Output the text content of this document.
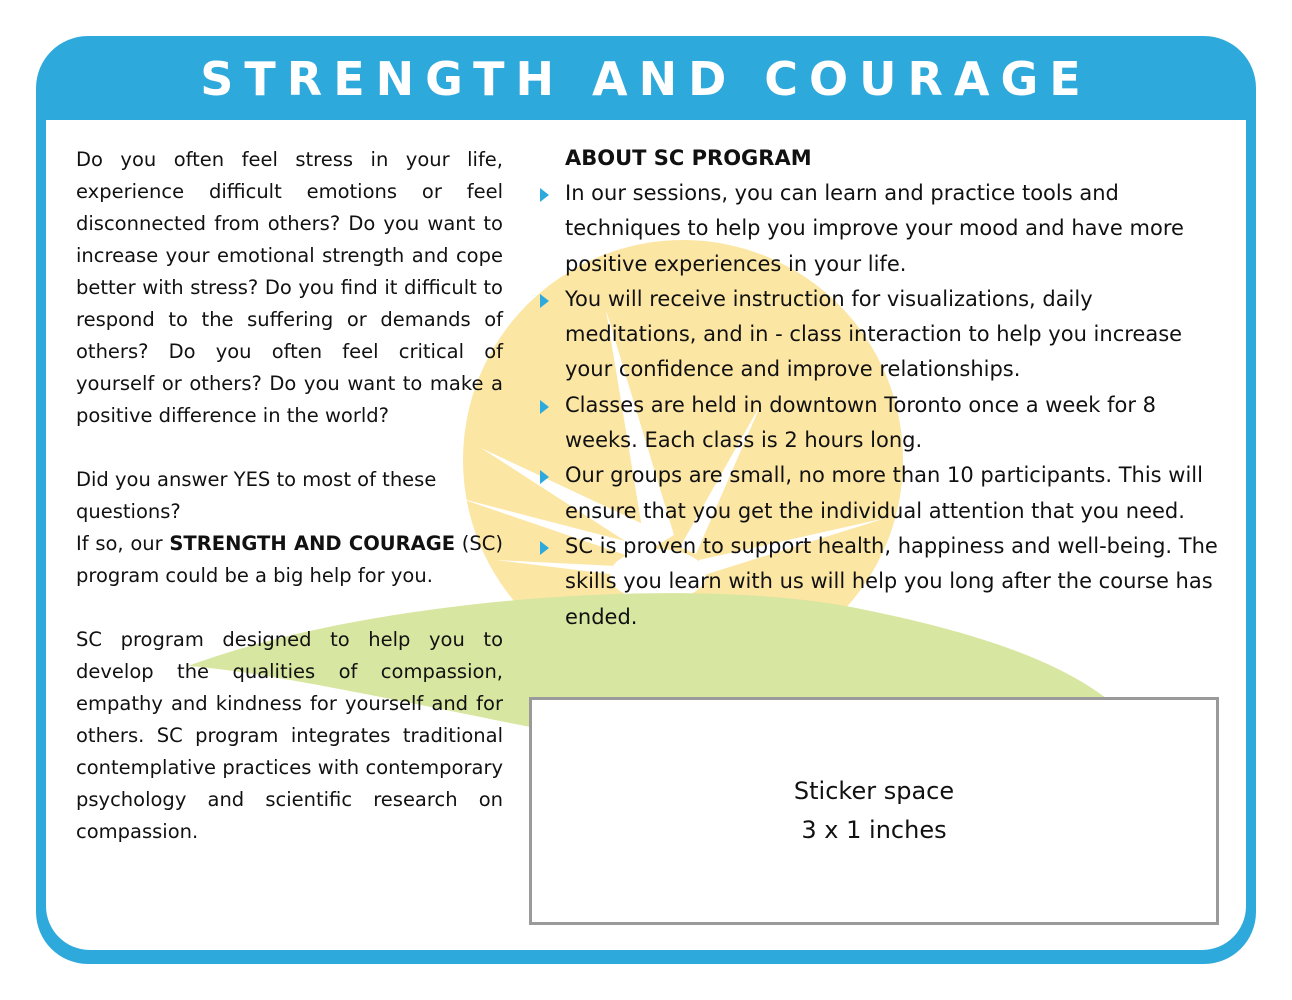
STRENGTH AND COURAGE

Do you often feel stress in your life, experience difficult emotions or feel disconnected from others? Do you want to increase your emotional strength and cope better with stress? Do you find it difficult to respond to the suffering or demands of others? Do you often feel critical of yourself or others? Do you want to make a positive difference in the world?

Did you answer YES to most of these questions?

If so, our STRENGTH AND COURAGE (SC) program could be a big help for you.

SC program designed to help you to develop the qualities of compassion, empathy and kindness for yourself and for others. SC program integrates traditional contemplative practices with contemporary psychology and scientific research on compassion.

ABOUT SC PROGRAM
In our sessions, you can learn and practice tools and techniques to help you improve your mood and have more positive experiences in your life.
You will receive instruction for visualizations, daily meditations, and in - class interaction to help you increase your confidence and improve relationships.
Classes are held in downtown Toronto once a week for 8 weeks. Each class is 2 hours long.
Our groups are small, no more than 10 participants. This will ensure that you get the individual attention that you need.
SC is proven to support health, happiness and well-being. The skills you learn with us will help you long after the course has ended.
Sticker space
3 x 1 inches
